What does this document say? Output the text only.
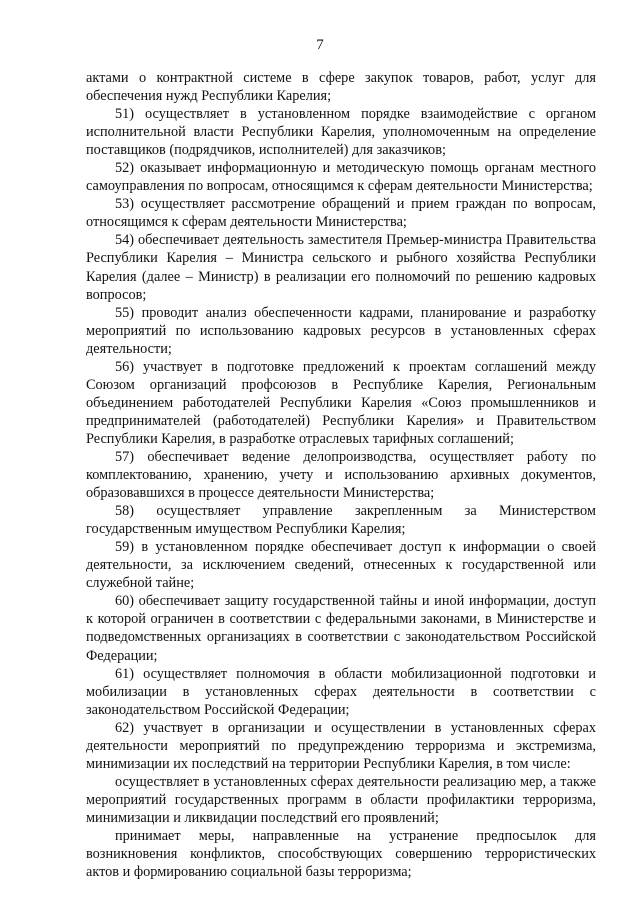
7

актами о контрактной системе в сфере закупок товаров, работ, услуг для обеспечения нужд Республики Карелия;

51) осуществляет в установленном порядке взаимодействие с органом исполнительной власти Республики Карелия, уполномоченным на определение поставщиков (подрядчиков, исполнителей) для заказчиков;

52) оказывает информационную и методическую помощь органам местного самоуправления по вопросам, относящимся к сферам деятельности Министерства;

53) осуществляет рассмотрение обращений и прием граждан по вопросам, относящимся к сферам деятельности Министерства;

54) обеспечивает деятельность заместителя Премьер-министра Правительства Республики Карелия – Министра сельского и рыбного хозяйства Республики Карелия (далее – Министр) в реализации его полномочий по решению кадровых вопросов;

55) проводит анализ обеспеченности кадрами, планирование и разработку мероприятий по использованию кадровых ресурсов в установленных сферах деятельности;

56) участвует в подготовке предложений к проектам соглашений между Союзом организаций профсоюзов в Республике Карелия, Региональным объединением работодателей Республики Карелия «Союз промышленников и предпринимателей (работодателей) Республики Карелия» и Правительством Республики Карелия, в разработке отраслевых тарифных соглашений;

57) обеспечивает ведение делопроизводства, осуществляет работу по комплектованию, хранению, учету и использованию архивных документов, образовавшихся в процессе деятельности Министерства;

58) осуществляет управление закрепленным за Министерством государственным имуществом Республики Карелия;

59) в установленном порядке обеспечивает доступ к информации о своей деятельности, за исключением сведений, отнесенных к государственной или служебной тайне;

60) обеспечивает защиту государственной тайны и иной информации, доступ к которой ограничен в соответствии с федеральными законами, в Министерстве и подведомственных организациях в соответствии с законодательством Российской Федерации;

61) осуществляет полномочия в области мобилизационной подготовки и мобилизации в установленных сферах деятельности в соответствии с законодательством Российской Федерации;

62) участвует в организации и осуществлении в установленных сферах деятельности мероприятий по предупреждению терроризма и экстремизма, минимизации их последствий на территории Республики Карелия, в том числе:

осуществляет в установленных сферах деятельности реализацию мер, а также мероприятий государственных программ в области профилактики терроризма, минимизации и ликвидации последствий его проявлений;

принимает меры, направленные на устранение предпосылок для возникновения конфликтов, способствующих совершению террористических актов и формированию социальной базы терроризма;
